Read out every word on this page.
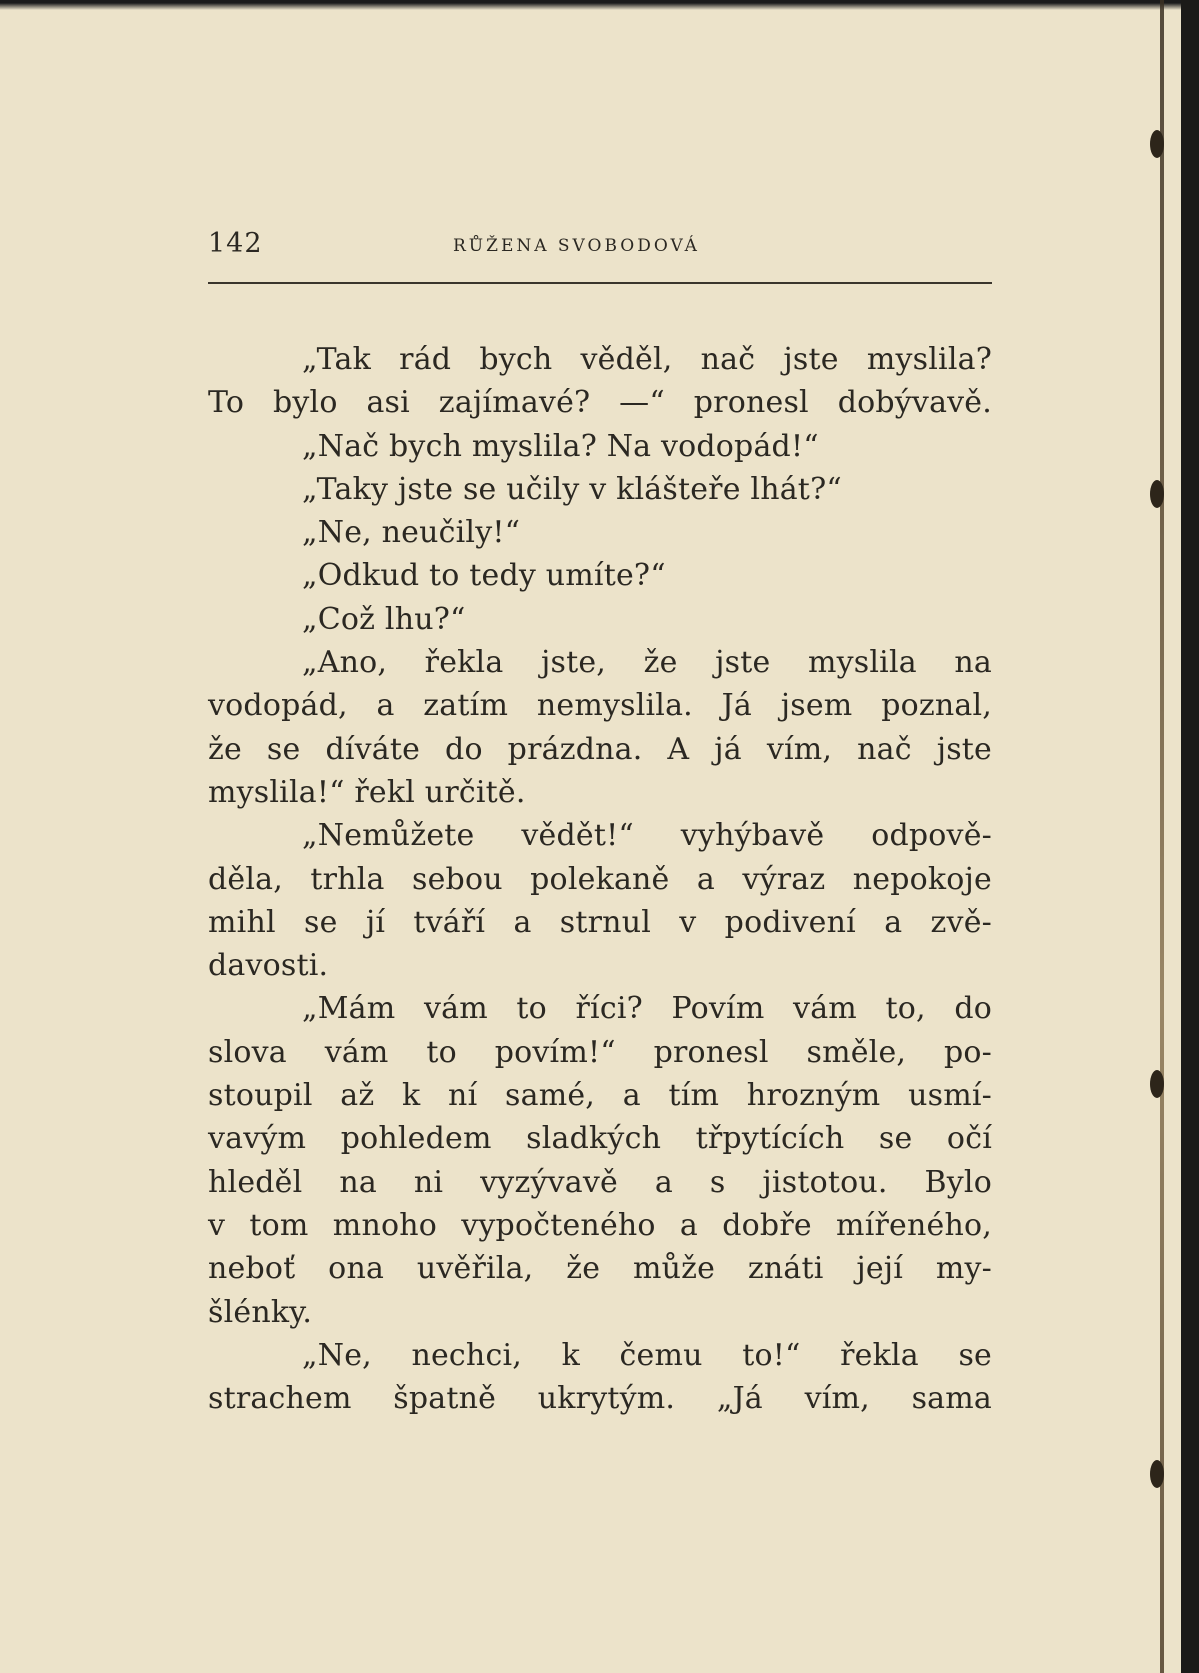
142	RŮŽENA SVOBODOVÁ
„Tak rád bych věděl, nač jste myslila?
To bylo asi zajímavé? —“ pronesl dobývavě.
„Nač bych myslila? Na vodopád!“
„Taky jste se učily v klášteře lhát?“
„Ne, neučily!“
„Odkud to tedy umíte?“
„Což lhu?“
„Ano, řekla jste, že jste myslila na
vodopád, a zatím nemyslila. Já jsem poznal,
že se díváte do prázdna. A já vím, nač jste
myslila!“ řekl určitě.
„Nemůžete vědět!“ vyhýbavě odpově-
děla, trhla sebou polekaně a výraz nepokoje
mihl se jí tváří a strnul v podivení a zvě-
davosti.
„Mám vám to říci? Povím vám to, do
slova vám to povím!“ pronesl směle, po-
stoupil až k ní samé, a tím hrozným usmí-
vavým pohledem sladkých třpytících se očí
hleděl na ni vyzývavě a s jistotou. Bylo
v tom mnoho vypočteného a dobře mířeného,
neboť ona uvěřila, že může znáti její my-
šlénky.
„Ne, nechci, k čemu to!“ řekla se
strachem špatně ukrytým. „Já vím, sama
